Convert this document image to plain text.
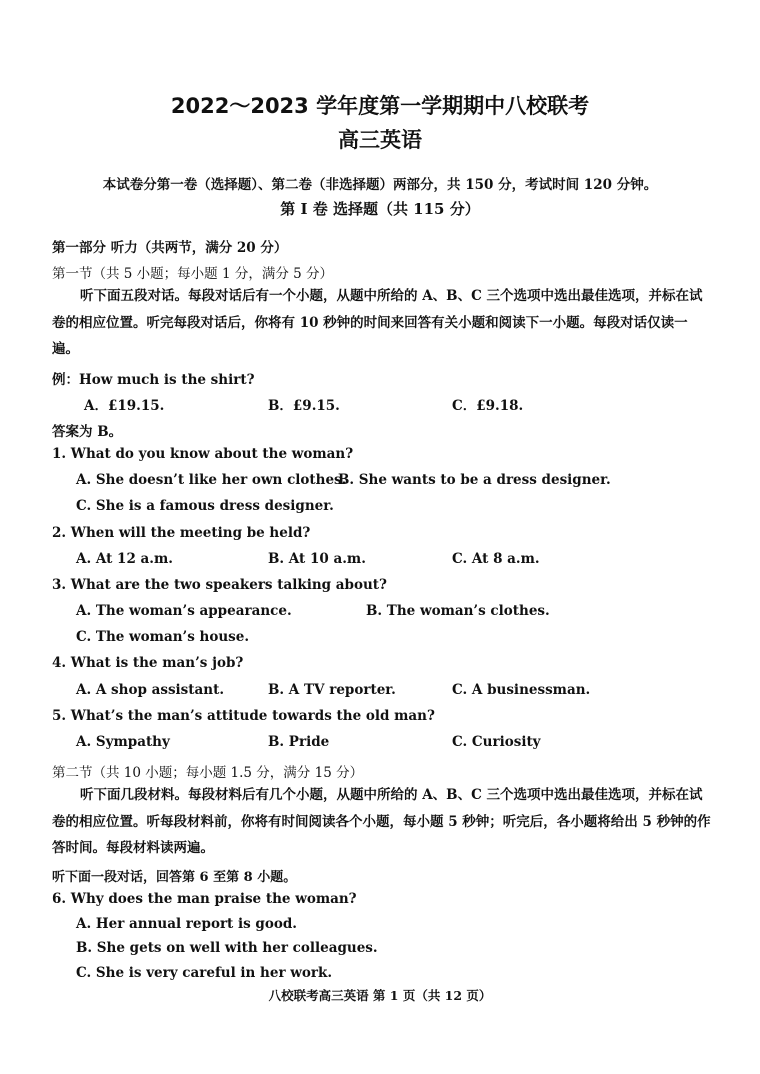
2022～2023 学年度第一学期期中八校联考
高三英语
本试卷分第一卷（选择题）、第二卷（非选择题）两部分，共 150 分，考试时间 120 分钟。
第 I 卷 选择题（共 115 分）
第一部分 听力（共两节，满分 20 分）
第一节（共 5 小题；每小题 1 分，满分 5 分）
听下面五段对话。每段对话后有一个小题，从题中所给的 A、B、C 三个选项中选出最佳选项，并标在试卷的相应位置。听完每段对话后，你将有 10 秒钟的时间来回答有关小题和阅读下一小题。每段对话仅读一遍。
例：How much is the shirt?
A．£19.15.	B．£9.15.	C．£9.18.
答案为 B。
1. What do you know about the woman?
A. She doesn’t like her own clothes.
B. She wants to be a dress designer.
C. She is a famous dress designer.
2. When will the meeting be held?
A. At 12 a.m.	B. At 10 a.m.	C. At 8 a.m.
3. What are the two speakers talking about?
A. The woman’s appearance.	B. The woman’s clothes.
C. The woman’s house.
4. What is the man’s job?
A. A shop assistant.	B. A TV reporter.	C. A businessman.
5. What’s the man’s attitude towards the old man?
A. Sympathy	B. Pride	C. Curiosity
第二节（共 10 小题；每小题 1.5 分，满分 15 分）
听下面几段材料。每段材料后有几个小题，从题中所给的 A、B、C 三个选项中选出最佳选项，并标在试卷的相应位置。听每段材料前，你将有时间阅读各个小题，每小题 5 秒钟；听完后，各小题将给出 5 秒钟的作答时间。每段材料读两遍。
听下面一段对话，回答第 6 至第 8 小题。
6. Why does the man praise the woman?
A. Her annual report is good.
B. She gets on well with her colleagues.
C. She is very careful in her work.
八校联考高三英语 第 1 页（共 12 页）
